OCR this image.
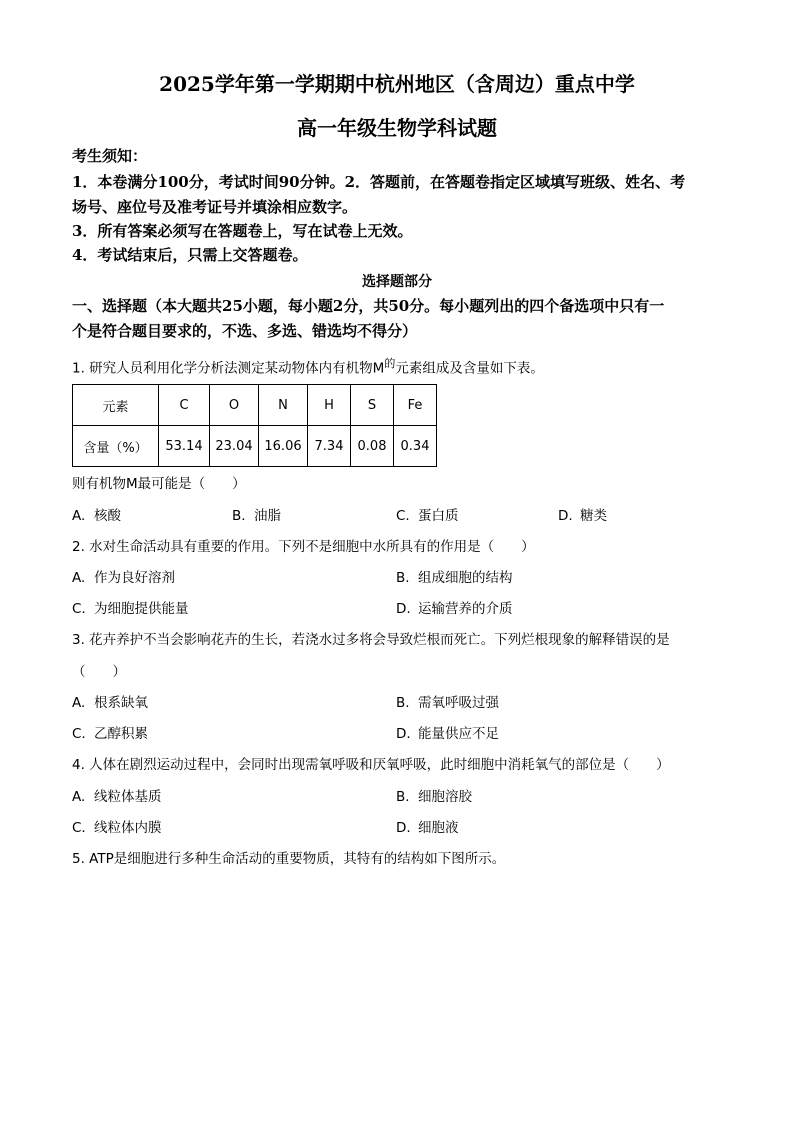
2025学年第一学期期中杭州地区（含周边）重点中学
高一年级生物学科试题
考生须知：
1．本卷满分100分，考试时间90分钟。2．答题前，在答题卷指定区域填写班级、姓名、考
场号、座位号及准考证号并填涂相应数字。
3．所有答案必须写在答题卷上，写在试卷上无效。
4．考试结束后，只需上交答题卷。
选择题部分
一、选择题（本大题共25小题，每小题2分，共50分。每小题列出的四个备选项中只有一
个是符合题目要求的，不选、多选、错选均不得分）
1. 研究人员利用化学分析法测定某动物体内有机物$M^的$元素组成及含量如下表。
元素	C	O	N	H	S	Fe
含量（%）	53.14	23.04	16.06	7.34	0.08	0.34
则有机物M最可能是（　　）
A. 核酸	B. 油脂	C. 蛋白质	D. 糖类
2. 水对生命活动具有重要的作用。下列不是细胞中水所具有的作用是（　　）
A. 作为良好溶剂	B. 组成细胞的结构
C. 为细胞提供能量	D. 运输营养的介质
3. 花卉养护不当会影响花卉的生长，若浇水过多将会导致烂根而死亡。下列烂根现象的解释错误的是
（　　）
A. 根系缺氧	B. 需氧呼吸过强
C. 乙醇积累	D. 能量供应不足
4. 人体在剧烈运动过程中，会同时出现需氧呼吸和厌氧呼吸，此时细胞中消耗氧气的部位是（　　）
A. 线粒体基质	B. 细胞溶胶
C. 线粒体内膜	D. 细胞液
5. ATP是细胞进行多种生命活动的重要物质，其特有的结构如下图所示。
